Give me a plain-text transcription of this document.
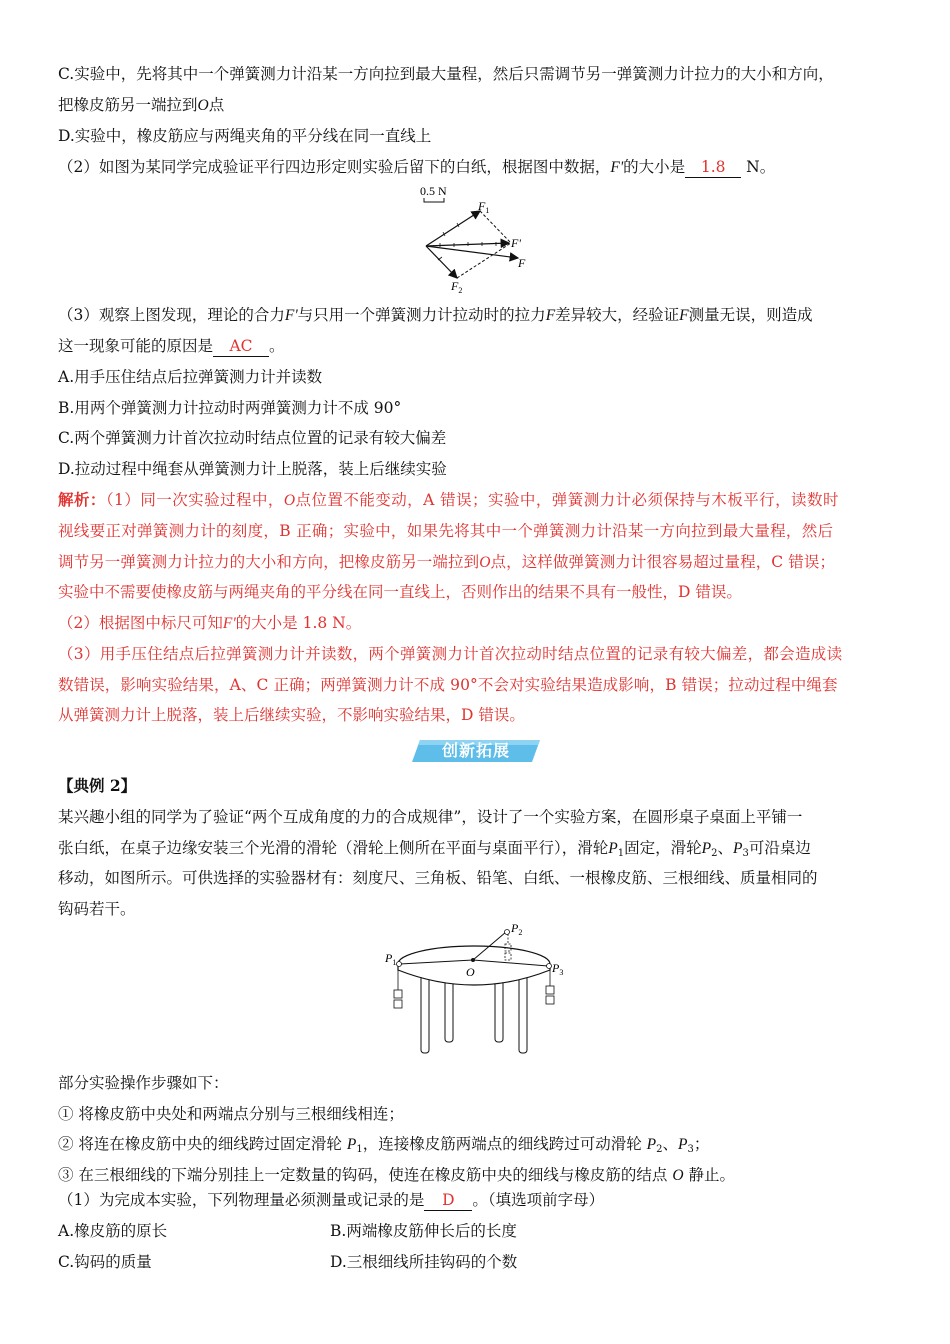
C.实验中，先将其中一个弹簧测力计沿某一方向拉到最大量程，然后只需调节另一弹簧测力计拉力的大小和方向，
把橡皮筋另一端拉到O点
D.实验中，橡皮筋应与两绳夹角的平分线在同一直线上
（2）如图为某同学完成验证平行四边形定则实验后留下的白纸，根据图中数据，F'的大小是 1.8 N。
0.5 N
$F_1$
$F_2$
F'
F
（3）观察上图发现，理论的合力F'与只用一个弹簧测力计拉动时的拉力F差异较大，经验证F测量无误，则造成
这一现象可能的原因是 AC 。
A.用手压住结点后拉弹簧测力计并读数
B.用两个弹簧测力计拉动时两弹簧测力计不成 90°
C.两个弹簧测力计首次拉动时结点位置的记录有较大偏差
D.拉动过程中绳套从弹簧测力计上脱落，装上后继续实验
解析：（1）同一次实验过程中，O点位置不能变动，A 错误；实验中，弹簧测力计必须保持与木板平行，读数时
视线要正对弹簧测力计的刻度，B 正确；实验中，如果先将其中一个弹簧测力计沿某一方向拉到最大量程，然后
调节另一弹簧测力计拉力的大小和方向，把橡皮筋另一端拉到O点，这样做弹簧测力计很容易超过量程，C 错误；
实验中不需要使橡皮筋与两绳夹角的平分线在同一直线上，否则作出的结果不具有一般性，D 错误。
（2）根据图中标尺可知F'的大小是 1.8 N。
（3）用手压住结点后拉弹簧测力计并读数，两个弹簧测力计首次拉动时结点位置的记录有较大偏差，都会造成读
数错误，影响实验结果，A、C 正确；两弹簧测力计不成 90°不会对实验结果造成影响，B 错误；拉动过程中绳套
从弹簧测力计上脱落，装上后继续实验，不影响实验结果，D 错误。
创新拓展
【典例 2】
某兴趣小组的同学为了验证“两个互成角度的力的合成规律”，设计了一个实验方案，在圆形桌子桌面上平铺一
张白纸，在桌子边缘安装三个光滑的滑轮（滑轮上侧所在平面与桌面平行），滑轮$P_1$固定，滑轮$P_2$、$P_3$可沿桌边
移动，如图所示。可供选择的实验器材有：刻度尺、三角板、铅笔、白纸、一根橡皮筋、三根细线、质量相同的
钩码若干。
$P_1$
$P_2$
$P_3$
O
部分实验操作步骤如下：
① 将橡皮筋中央处和两端点分别与三根细线相连；
② 将连在橡皮筋中央的细线跨过固定滑轮 $P_1$，连接橡皮筋两端点的细线跨过可动滑轮 $P_2$、$P_3$；
③ 在三根细线的下端分别挂上一定数量的钩码，使连在橡皮筋中央的细线与橡皮筋的结点 O 静止。
（1）为完成本实验，下列物理量必须测量或记录的是 D 。（填选项前字母）
A.橡皮筋的原长	B.两端橡皮筋伸长后的长度
C.钩码的质量	D.三根细线所挂钩码的个数
